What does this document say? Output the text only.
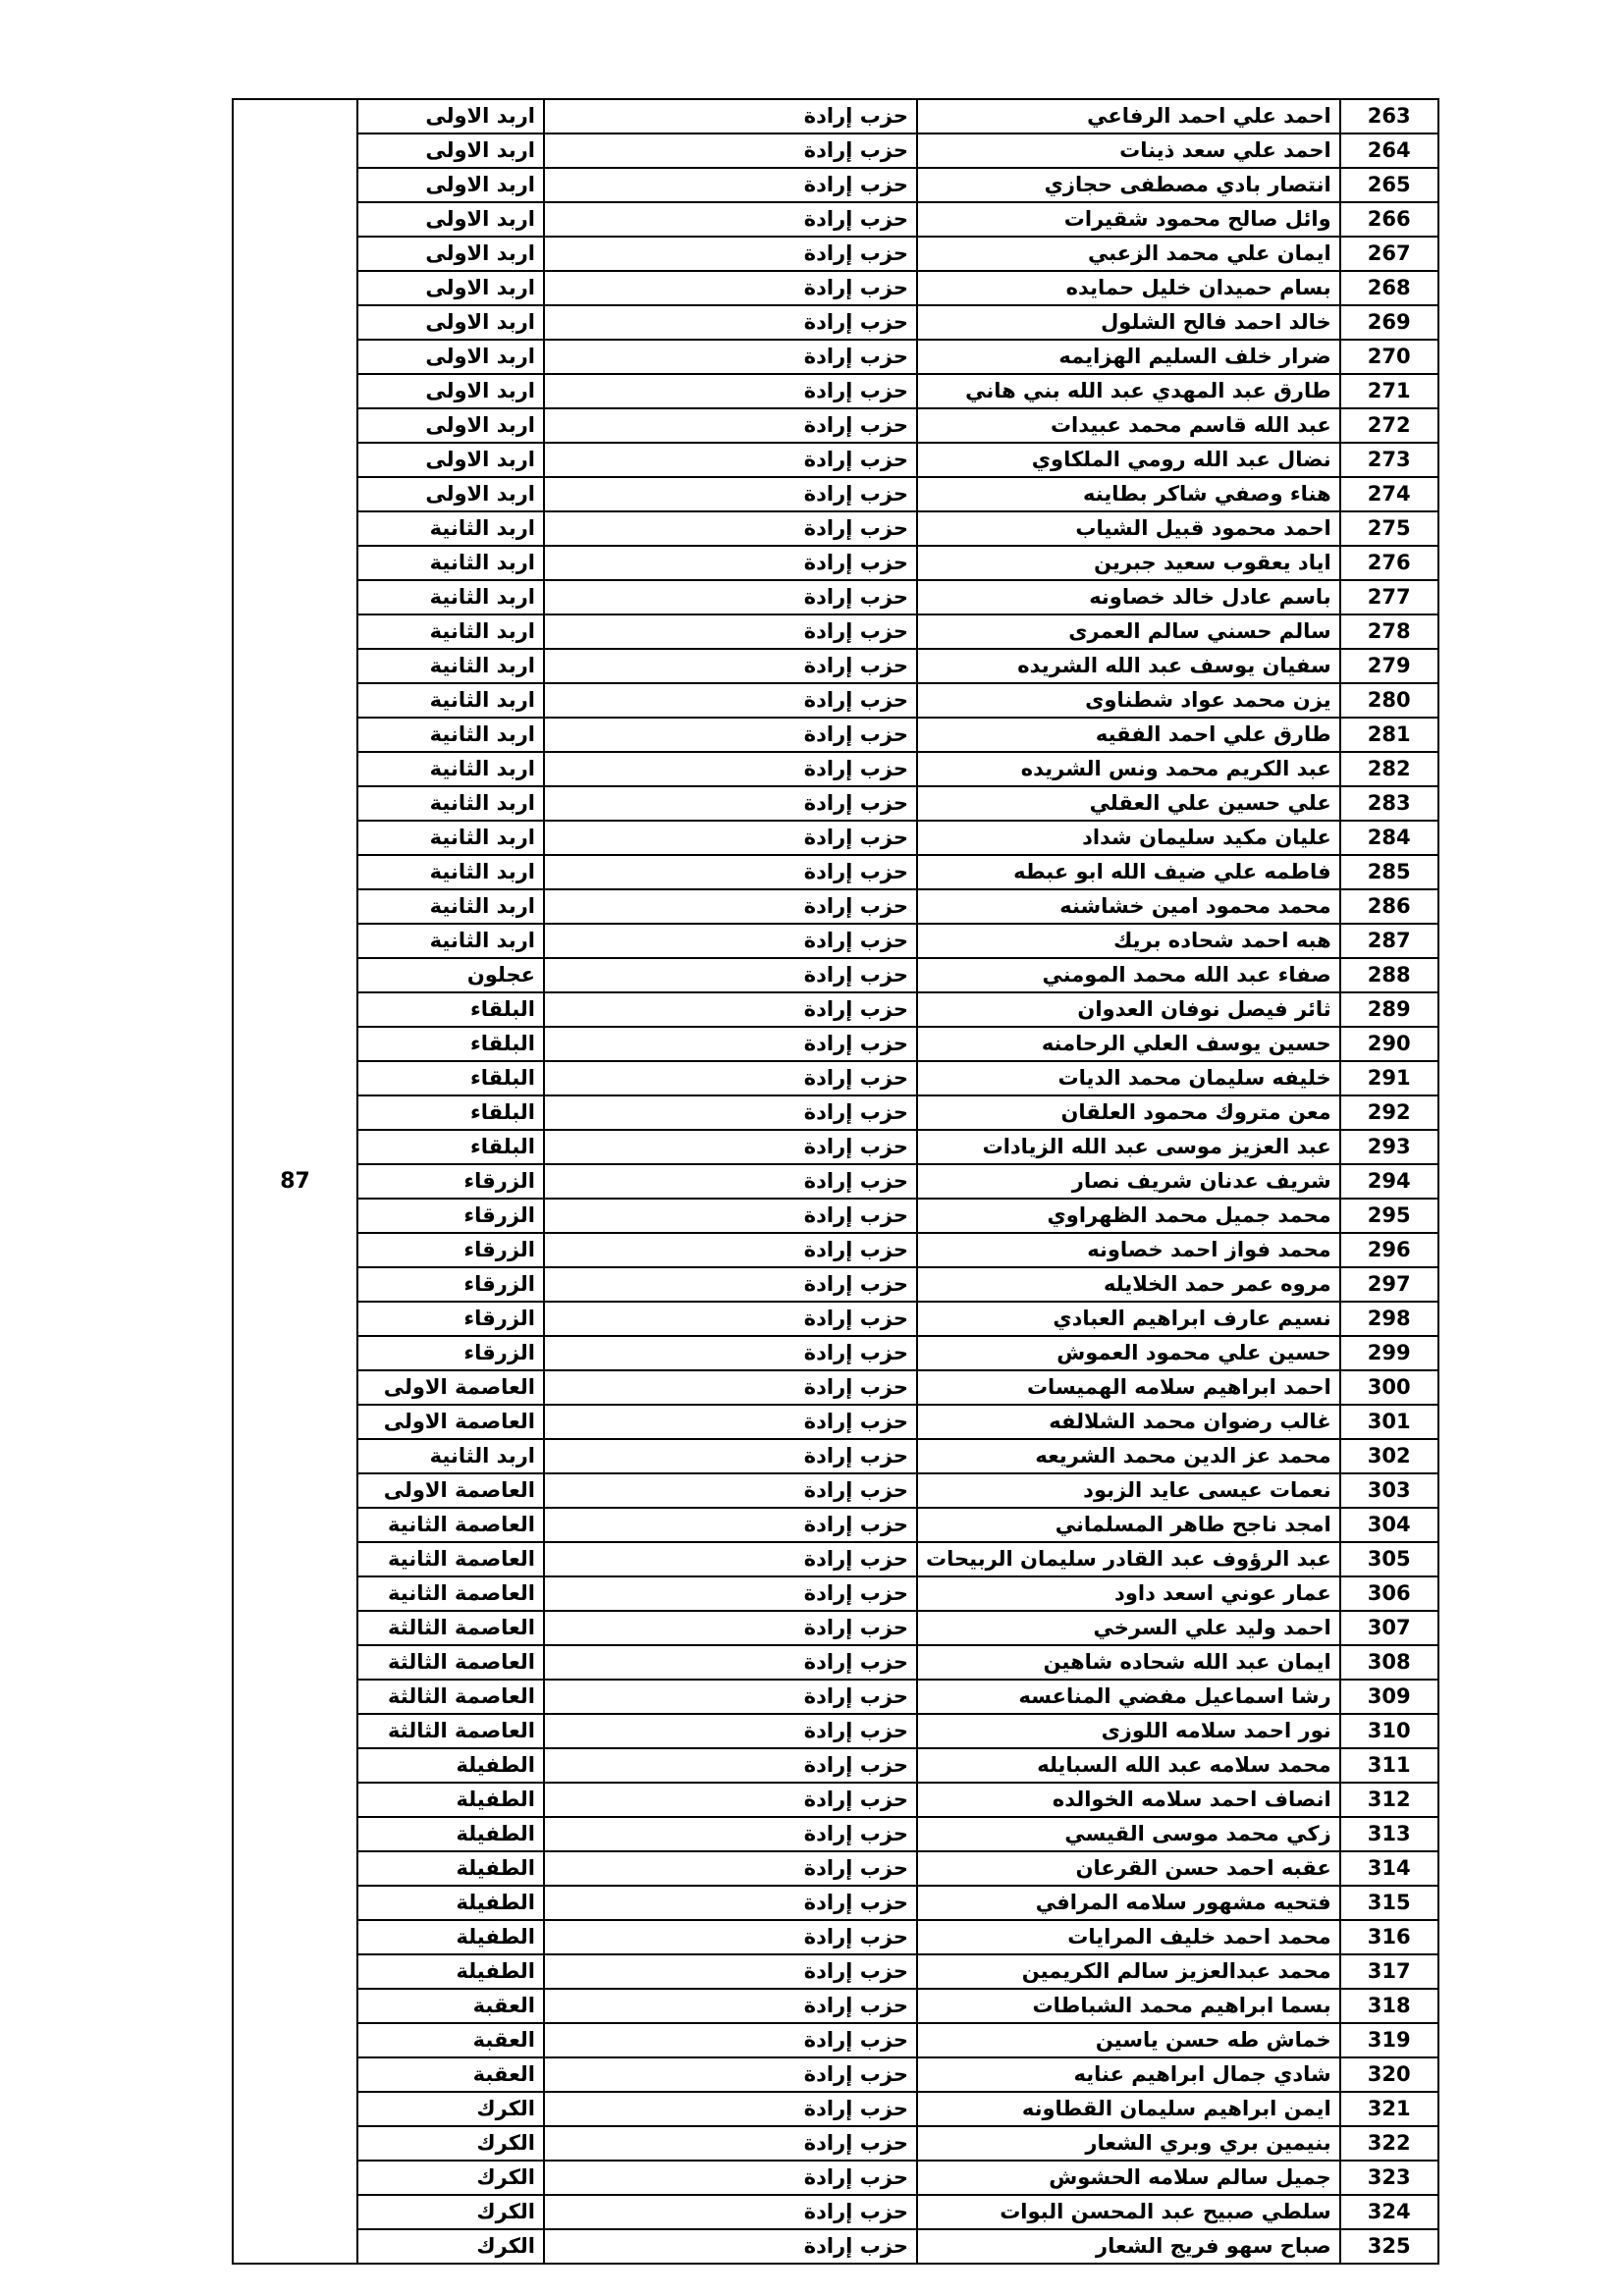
87	اربد الاولى	حزب إرادة	احمد علي احمد الرفاعي	263
	اربد الاولى	حزب إرادة	احمد علي سعد ذينات	264
	اربد الاولى	حزب إرادة	انتصار بادي مصطفى حجازي	265
	اربد الاولى	حزب إرادة	وائل صالح محمود شقيرات	266
	اربد الاولى	حزب إرادة	ايمان علي محمد الزعبي	267
	اربد الاولى	حزب إرادة	بسام حميدان خليل حمايده	268
	اربد الاولى	حزب إرادة	خالد احمد فالح الشلول	269
	اربد الاولى	حزب إرادة	ضرار خلف السليم الهزايمه	270
	اربد الاولى	حزب إرادة	طارق عبد المهدي عبد الله بني هاني	271
	اربد الاولى	حزب إرادة	عبد الله قاسم محمد عبيدات	272
	اربد الاولى	حزب إرادة	نضال عبد الله رومي الملكاوي	273
	اربد الاولى	حزب إرادة	هناء وصفي شاكر بطاينه	274
	اربد الثانية	حزب إرادة	احمد محمود قبيل الشياب	275
	اربد الثانية	حزب إرادة	اياد يعقوب سعيد جبرين	276
	اربد الثانية	حزب إرادة	باسم عادل خالد خصاونه	277
	اربد الثانية	حزب إرادة	سالم حسني سالم العمرى	278
	اربد الثانية	حزب إرادة	سفيان يوسف عبد الله الشريده	279
	اربد الثانية	حزب إرادة	يزن محمد عواد شطناوى	280
	اربد الثانية	حزب إرادة	طارق علي احمد الفقيه	281
	اربد الثانية	حزب إرادة	عبد الكريم محمد ونس الشريده	282
	اربد الثانية	حزب إرادة	علي حسين علي العقلي	283
	اربد الثانية	حزب إرادة	عليان مكيد سليمان شداد	284
	اربد الثانية	حزب إرادة	فاطمه علي ضيف الله ابو عبطه	285
	اربد الثانية	حزب إرادة	محمد محمود امين خشاشنه	286
	اربد الثانية	حزب إرادة	هبه احمد شحاده بريك	287
	عجلون	حزب إرادة	صفاء عبد الله محمد المومني	288
	البلقاء	حزب إرادة	ثائر فيصل نوفان العدوان	289
	البلقاء	حزب إرادة	حسين يوسف العلي الرحامنه	290
	البلقاء	حزب إرادة	خليفه سليمان محمد الديات	291
	البلقاء	حزب إرادة	معن متروك محمود العلقان	292
	البلقاء	حزب إرادة	عبد العزيز موسى عبد الله الزيادات	293
	الزرقاء	حزب إرادة	شريف عدنان شريف نصار	294
	الزرقاء	حزب إرادة	محمد جميل محمد الظهراوي	295
	الزرقاء	حزب إرادة	محمد فواز احمد خصاونه	296
	الزرقاء	حزب إرادة	مروه عمر حمد الخلايله	297
	الزرقاء	حزب إرادة	نسيم عارف ابراهيم العبادي	298
	الزرقاء	حزب إرادة	حسين علي محمود العموش	299
	العاصمة الاولى	حزب إرادة	احمد ابراهيم سلامه الهميسات	300
	العاصمة الاولى	حزب إرادة	غالب رضوان محمد الشلالفه	301
	اربد الثانية	حزب إرادة	محمد عز الدين محمد الشريعه	302
	العاصمة الاولى	حزب إرادة	نعمات عيسى عايد الزبود	303
	العاصمة الثانية	حزب إرادة	امجد ناجح طاهر المسلماني	304
	العاصمة الثانية	حزب إرادة	عبد الرؤوف عبد القادر سليمان الربيحات	305
	العاصمة الثانية	حزب إرادة	عمار عوني اسعد داود	306
	العاصمة الثالثة	حزب إرادة	احمد وليد علي السرخي	307
	العاصمة الثالثة	حزب إرادة	ايمان عبد الله شحاده شاهين	308
	العاصمة الثالثة	حزب إرادة	رشا اسماعيل مفضي المناعسه	309
	العاصمة الثالثة	حزب إرادة	نور احمد سلامه اللوزى	310
	الطفيلة	حزب إرادة	محمد سلامه عبد الله السبايله	311
	الطفيلة	حزب إرادة	انصاف احمد سلامه الخوالده	312
	الطفيلة	حزب إرادة	زكي محمد موسى القيسي	313
	الطفيلة	حزب إرادة	عقبه احمد حسن القرعان	314
	الطفيلة	حزب إرادة	فتحيه مشهور سلامه المرافي	315
	الطفيلة	حزب إرادة	محمد احمد خليف المرايات	316
	الطفيلة	حزب إرادة	محمد عبدالعزيز سالم الكريمين	317
	العقبة	حزب إرادة	بسما ابراهيم محمد الشباطات	318
	العقبة	حزب إرادة	خماش طه حسن ياسين	319
	العقبة	حزب إرادة	شادي جمال ابراهيم عنايه	320
	الكرك	حزب إرادة	ايمن ابراهيم سليمان القطاونه	321
	الكرك	حزب إرادة	بنيمين بري وبري الشعار	322
	الكرك	حزب إرادة	جميل سالم سلامه الحشوش	323
	الكرك	حزب إرادة	سلطي صبيح عبد المحسن البوات	324
	الكرك	حزب إرادة	صباح سهو فريج الشعار	325
